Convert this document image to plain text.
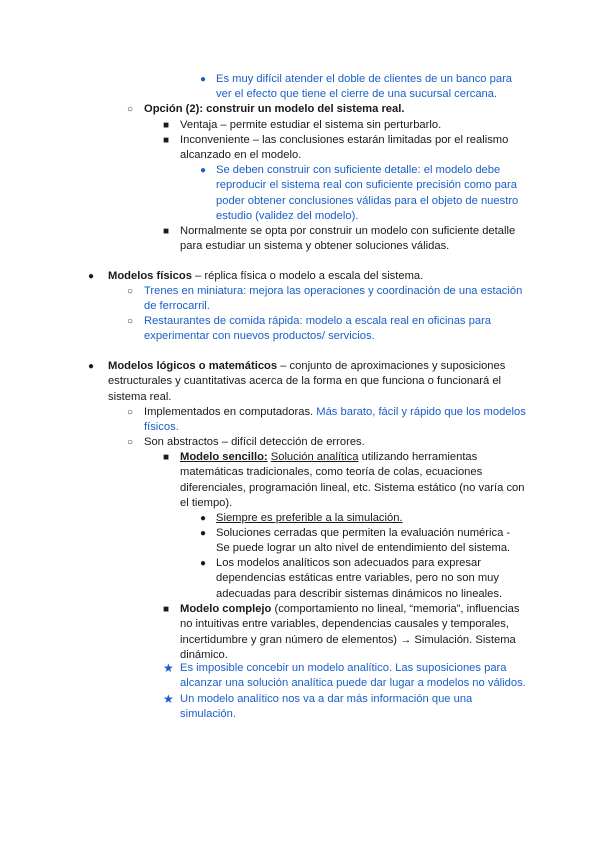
● Es muy difícil atender el doble de clientes de un banco para ver el efecto que tiene el cierre de una sucursal cercana.
○ Opción (2): construir un modelo del sistema real.
■ Ventaja – permite estudiar el sistema sin perturbarlo.
■ Inconveniente – las conclusiones estarán limitadas por el realismo alcanzado en el modelo.
● Se deben construir con suficiente detalle: el modelo debe reproducir el sistema real con suficiente precisión como para poder obtener conclusiones válidas para el objeto de nuestro estudio (validez del modelo).
■ Normalmente se opta por construir un modelo con suficiente detalle para estudiar un sistema y obtener soluciones válidas.
● Modelos físicos – réplica física o modelo a escala del sistema.
○ Trenes en miniatura: mejora las operaciones y coordinación de una estación de ferrocarril.
○ Restaurantes de comida rápida: modelo a escala real en oficinas para experimentar con nuevos productos/ servicios.
● Modelos lógicos o matemáticos – conjunto de aproximaciones y suposiciones estructurales y cuantitativas acerca de la forma en que funciona o funcionará el sistema real.
○ Implementados en computadoras. Más barato, fácil y rápido que los modelos físicos.
○ Son abstractos – difícil detección de errores.
■ Modelo sencillo: Solución analítica utilizando herramientas matemáticas tradicionales, como teoría de colas, ecuaciones diferenciales, programación lineal, etc. Sistema estático (no varía con el tiempo).
● Siempre es preferible a la simulación.
● Soluciones cerradas que permiten la evaluación numérica - Se puede lograr un alto nivel de entendimiento del sistema.
● Los modelos analíticos son adecuados para expresar dependencias estáticas entre variables, pero no son muy adecuadas para describir sistemas dinámicos no lineales.
■ Modelo complejo (comportamiento no lineal, “memoria”, influencias no intuitivas entre variables, dependencias causales y temporales, incertidumbre y gran número de elementos) → Simulación. Sistema dinámico.
★ Es imposible concebir un modelo analítico. Las suposiciones para alcanzar una solución analítica puede dar lugar a modelos no válidos.
★ Un modelo analítico nos va a dar más información que una simulación.
